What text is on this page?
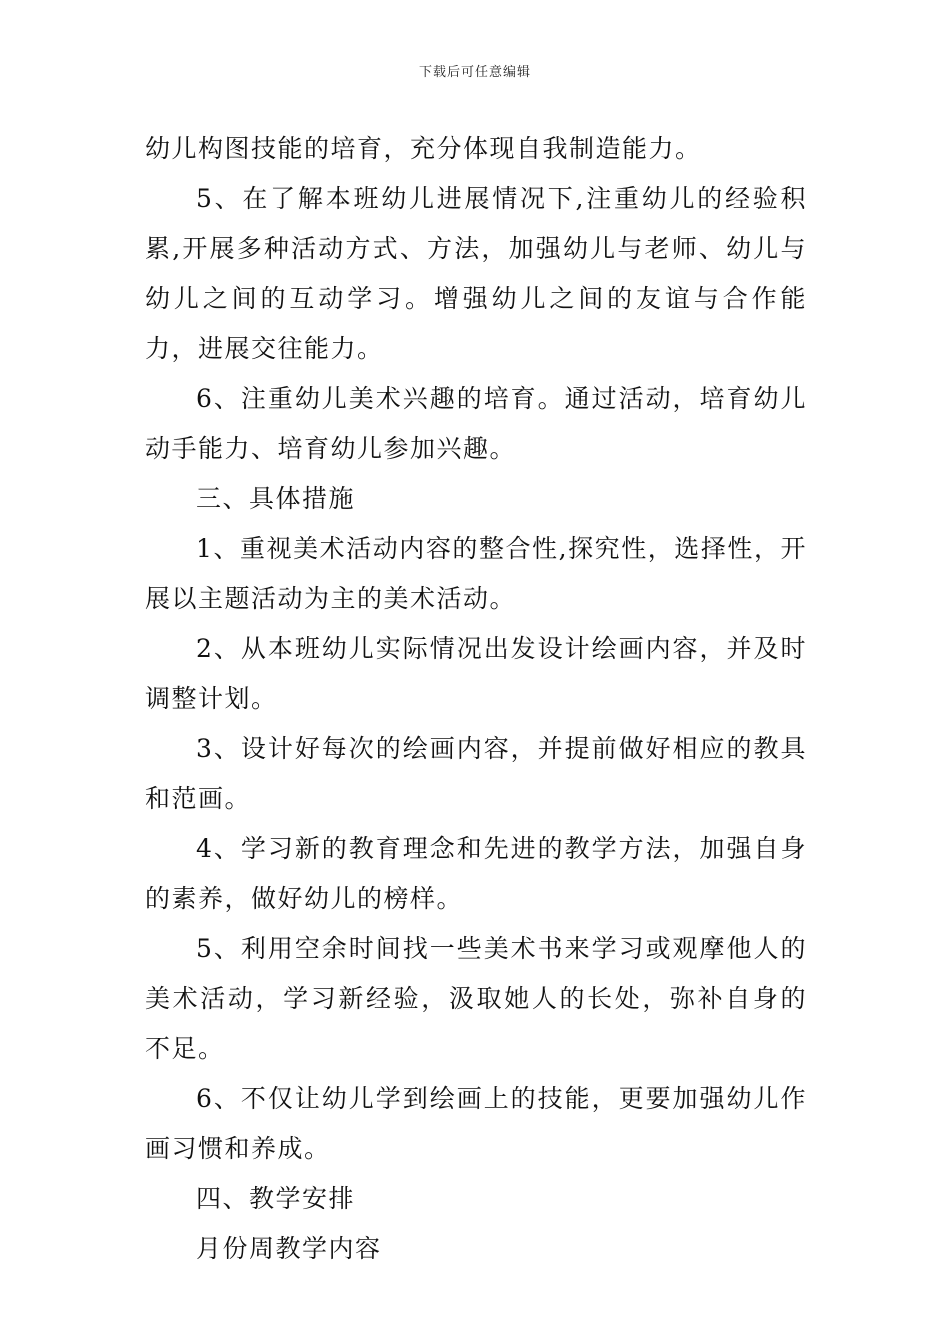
下载后可任意编辑

幼儿构图技能的培育，充分体现自我制造能力。

5、在了解本班幼儿进展情况下,注重幼儿的经验积累,开展多种活动方式、方法，加强幼儿与老师、幼儿与幼儿之间的互动学习。增强幼儿之间的友谊与合作能力，进展交往能力。

6、注重幼儿美术兴趣的培育。通过活动，培育幼儿动手能力、培育幼儿参加兴趣。

三、具体措施

1、重视美术活动内容的整合性,探究性，选择性，开展以主题活动为主的美术活动。

2、从本班幼儿实际情况出发设计绘画内容，并及时调整计划。

3、设计好每次的绘画内容，并提前做好相应的教具和范画。

4、学习新的教育理念和先进的教学方法，加强自身的素养，做好幼儿的榜样。

5、利用空余时间找一些美术书来学习或观摩他人的美术活动，学习新经验，汲取她人的长处，弥补自身的不足。

6、不仅让幼儿学到绘画上的技能，更要加强幼儿作画习惯和养成。

四、教学安排

月份周教学内容
